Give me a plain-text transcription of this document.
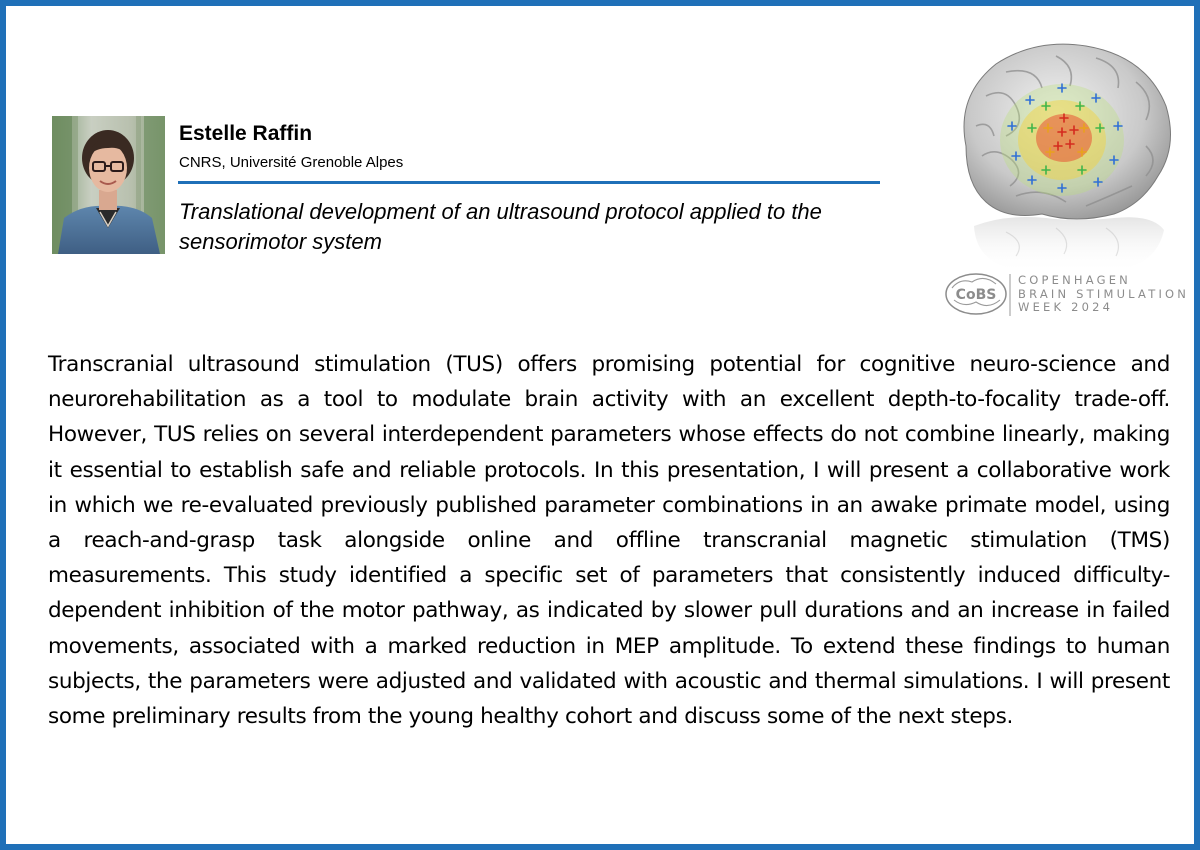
Estelle Raffin
CNRS, Université Grenoble Alpes
Translational development of an ultrasound protocol applied to the sensorimotor system
CoBS
COPENHAGEN
BRAIN STIMULATION
WEEK 2024

Transcranial ultrasound stimulation (TUS) offers promising potential for cognitive neuro-science and neurorehabilitation as a tool to modulate brain activity with an excellent depth-to-focality trade-off. However, TUS relies on several interdependent parameters whose effects do not combine linearly, making it essential to establish safe and reliable protocols. In this presentation, I will present a collaborative work in which we re-evaluated previously published parameter combinations in an awake primate model, using a reach-and-grasp task alongside online and offline transcranial magnetic stimulation (TMS) measurements. This study identified a specific set of parameters that consistently induced difficulty-dependent inhibition of the motor pathway, as indicated by slower pull durations and an increase in failed movements, associated with a marked reduction in MEP amplitude. To extend these findings to human subjects, the parameters were adjusted and validated with acoustic and thermal simulations. I will present some preliminary results from the young healthy cohort and discuss some of the next steps.
